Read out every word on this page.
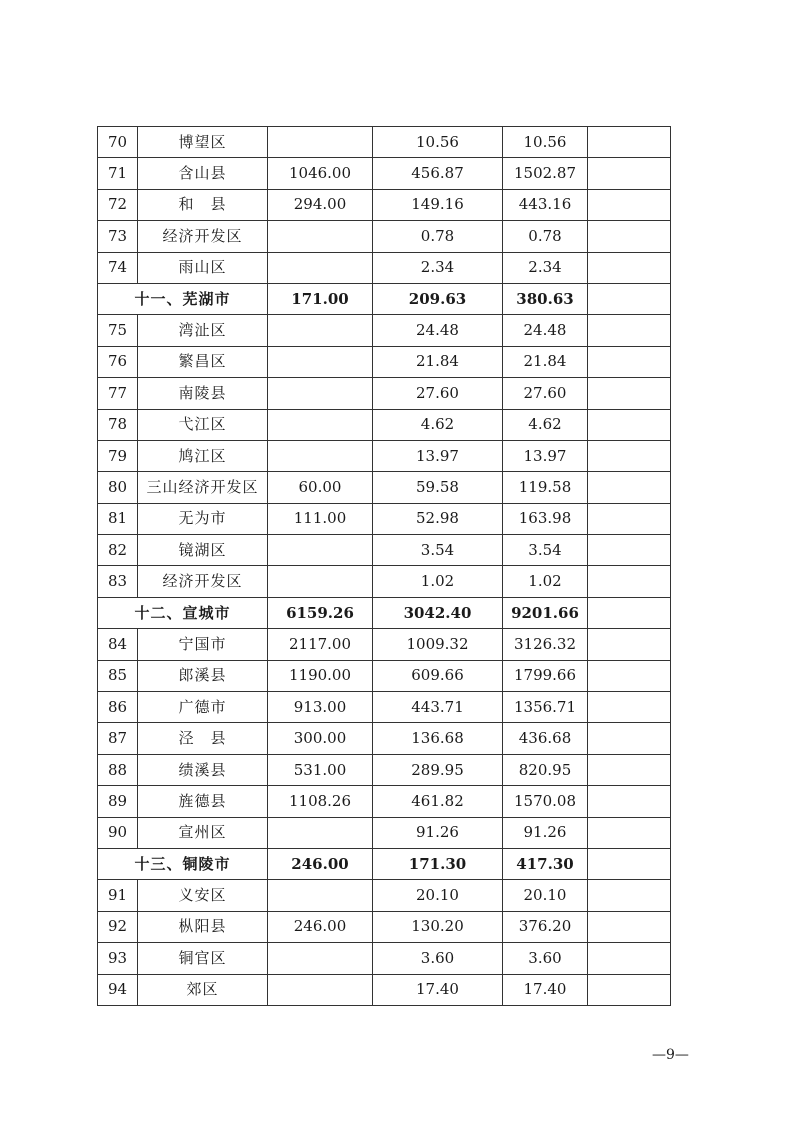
70	博望区		10.56	10.56	
71	含山县	1046.00	456.87	1502.87	
72	和　县	294.00	149.16	443.16	
73	经济开发区		0.78	0.78	
74	雨山区		2.34	2.34	
十一、芜湖市		171.00	209.63	380.63	
75	湾沚区		24.48	24.48	
76	繁昌区		21.84	21.84	
77	南陵县		27.60	27.60	
78	弋江区		4.62	4.62	
79	鸠江区		13.97	13.97	
80	三山经济开发区	60.00	59.58	119.58	
81	无为市	111.00	52.98	163.98	
82	镜湖区		3.54	3.54	
83	经济开发区		1.02	1.02	
十二、宣城市		6159.26	3042.40	9201.66	
84	宁国市	2117.00	1009.32	3126.32	
85	郎溪县	1190.00	609.66	1799.66	
86	广德市	913.00	443.71	1356.71	
87	泾　县	300.00	136.68	436.68	
88	绩溪县	531.00	289.95	820.95	
89	旌德县	1108.26	461.82	1570.08	
90	宣州区		91.26	91.26	
十三、铜陵市		246.00	171.30	417.30	
91	义安区		20.10	20.10	
92	枞阳县	246.00	130.20	376.20	
93	铜官区		3.60	3.60	
94	郊区		17.40	17.40	
—9—
